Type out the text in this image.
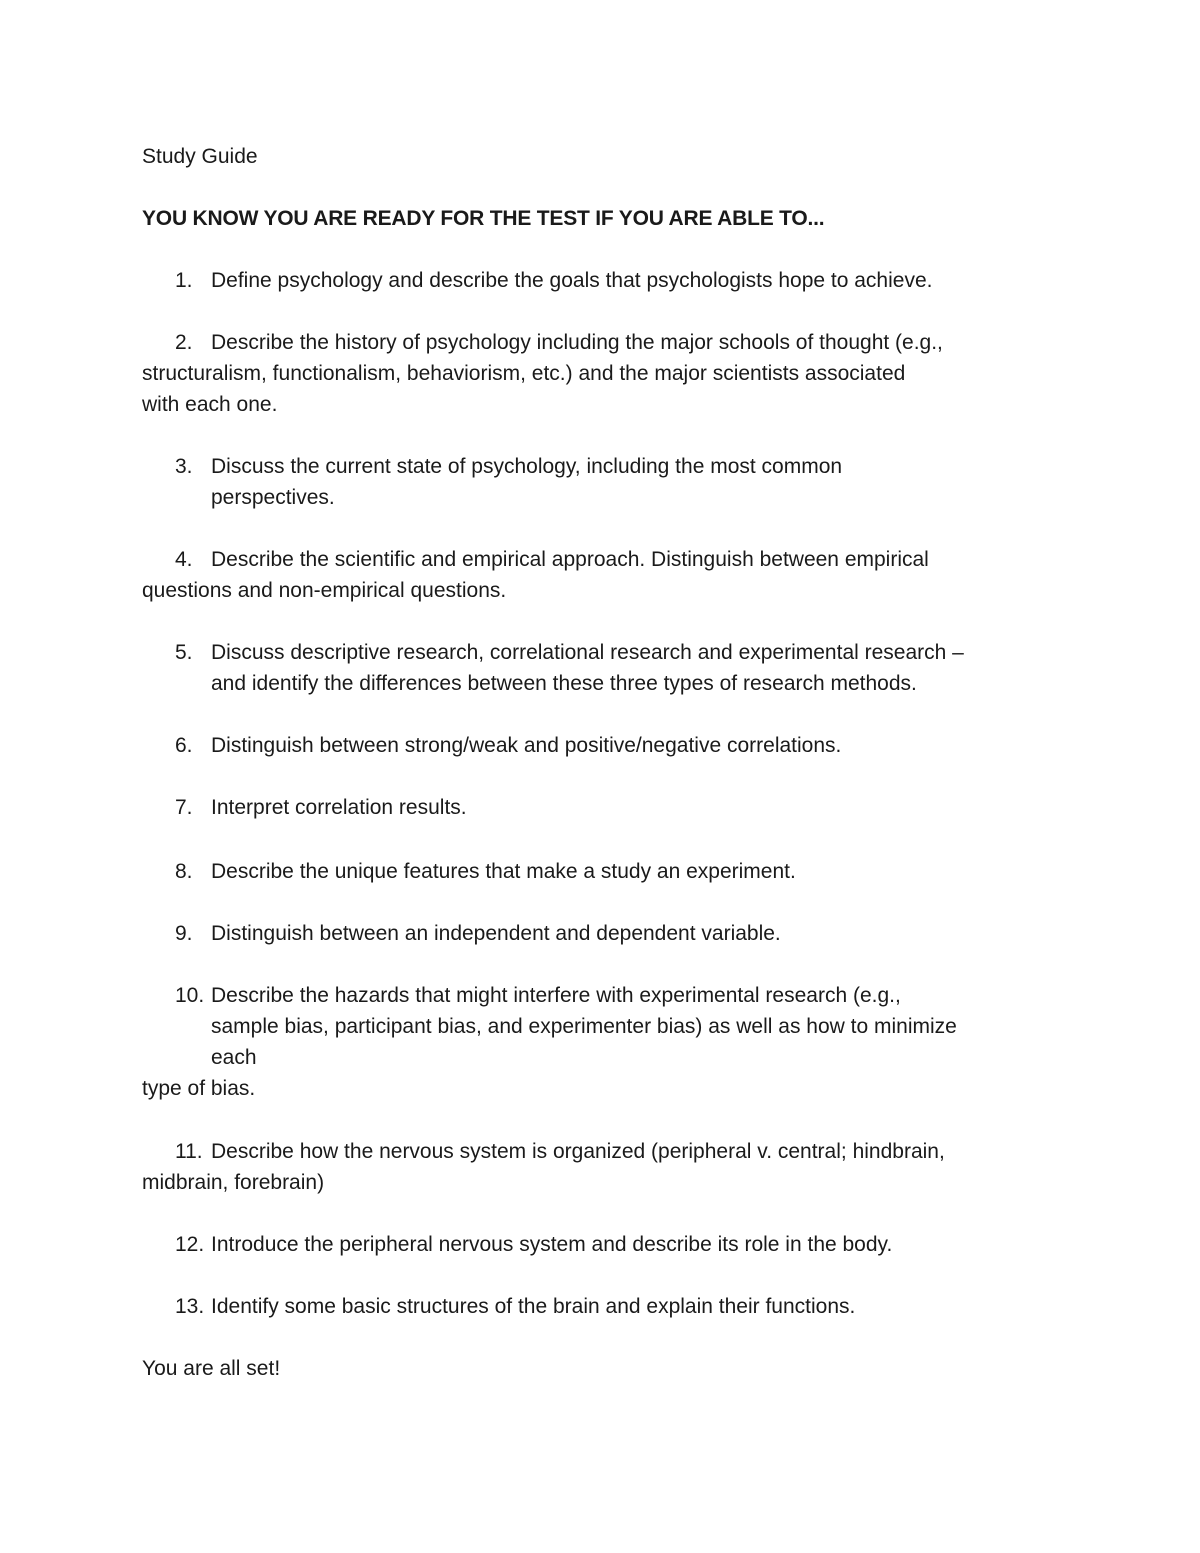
Study Guide
YOU KNOW YOU ARE READY FOR THE TEST IF YOU ARE ABLE TO...
1. Define psychology and describe the goals that psychologists hope to achieve.
2. Describe the history of psychology including the major schools of thought (e.g.,
structuralism, functionalism, behaviorism, etc.) and the major scientists associated
with each one.
3. Discuss the current state of psychology, including the most common
perspectives.
4. Describe the scientific and empirical approach. Distinguish between empirical
questions and non-empirical questions.
5. Discuss descriptive research, correlational research and experimental research –
and identify the differences between these three types of research methods.
6. Distinguish between strong/weak and positive/negative correlations.
7. Interpret correlation results.
8. Describe the unique features that make a study an experiment.
9. Distinguish between an independent and dependent variable.
10. Describe the hazards that might interfere with experimental research (e.g.,
sample bias, participant bias, and experimenter bias) as well as how to minimize
each
type of bias.
11. Describe how the nervous system is organized (peripheral v. central; hindbrain,
midbrain, forebrain)
12. Introduce the peripheral nervous system and describe its role in the body.
13. Identify some basic structures of the brain and explain their functions.
You are all set!
